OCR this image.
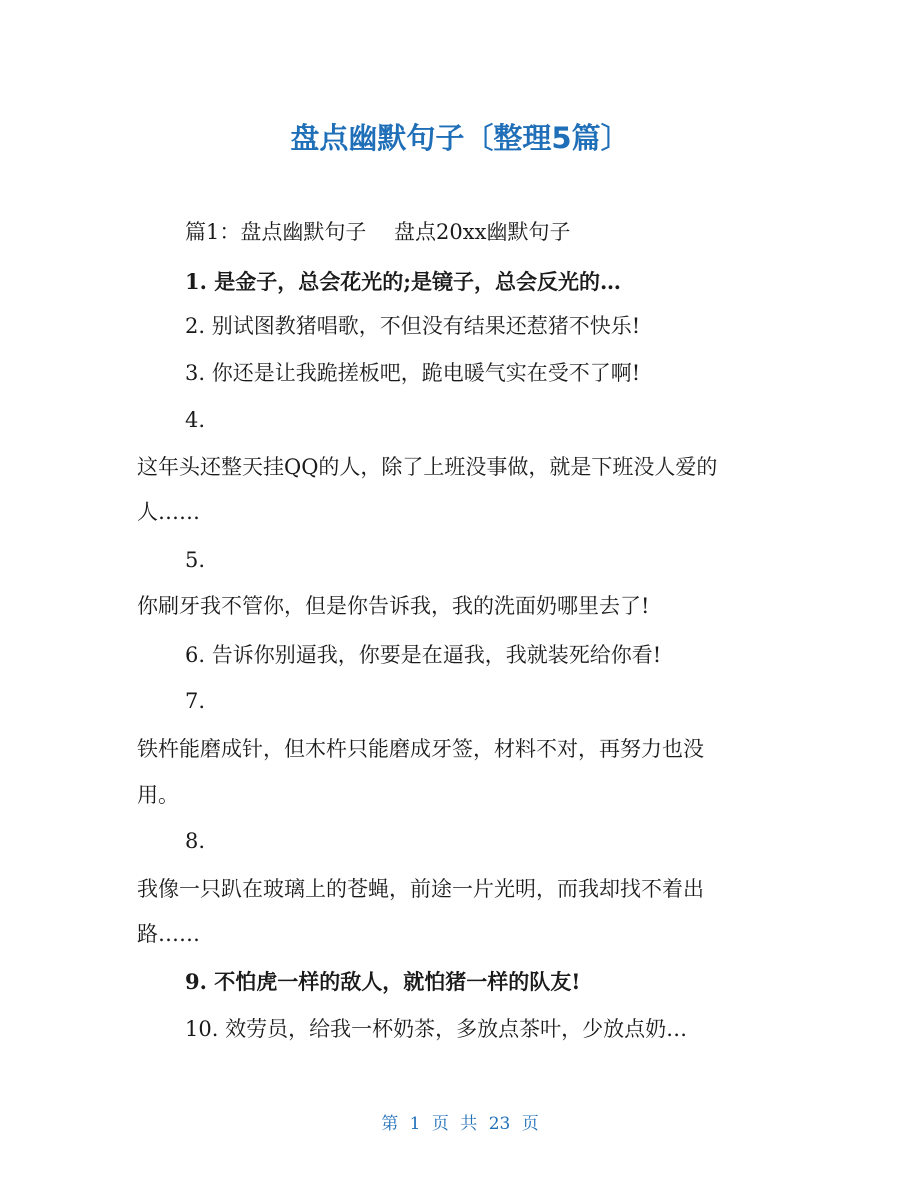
盘点幽默句子〔整理5篇〕

篇1：盘点幽默句子　 盘点20xx幽默句子

1. 是金子，总会花光的;是镜子，总会反光的…

2. 别试图教猪唱歌，不但没有结果还惹猪不快乐!

3. 你还是让我跪搓板吧，跪电暖气实在受不了啊!

4.

这年头还整天挂QQ的人，除了上班没事做，就是下班没人爱的

人……

5.

你刷牙我不管你，但是你告诉我，我的洗面奶哪里去了!

6. 告诉你别逼我，你要是在逼我，我就装死给你看!

7.

铁杵能磨成针，但木杵只能磨成牙签，材料不对，再努力也没

用。

8.

我像一只趴在玻璃上的苍蝇，前途一片光明，而我却找不着出

路……

9. 不怕虎一样的敌人，就怕猪一样的队友!

10. 效劳员，给我一杯奶茶，多放点茶叶，少放点奶…

第 1 页 共 23 页
